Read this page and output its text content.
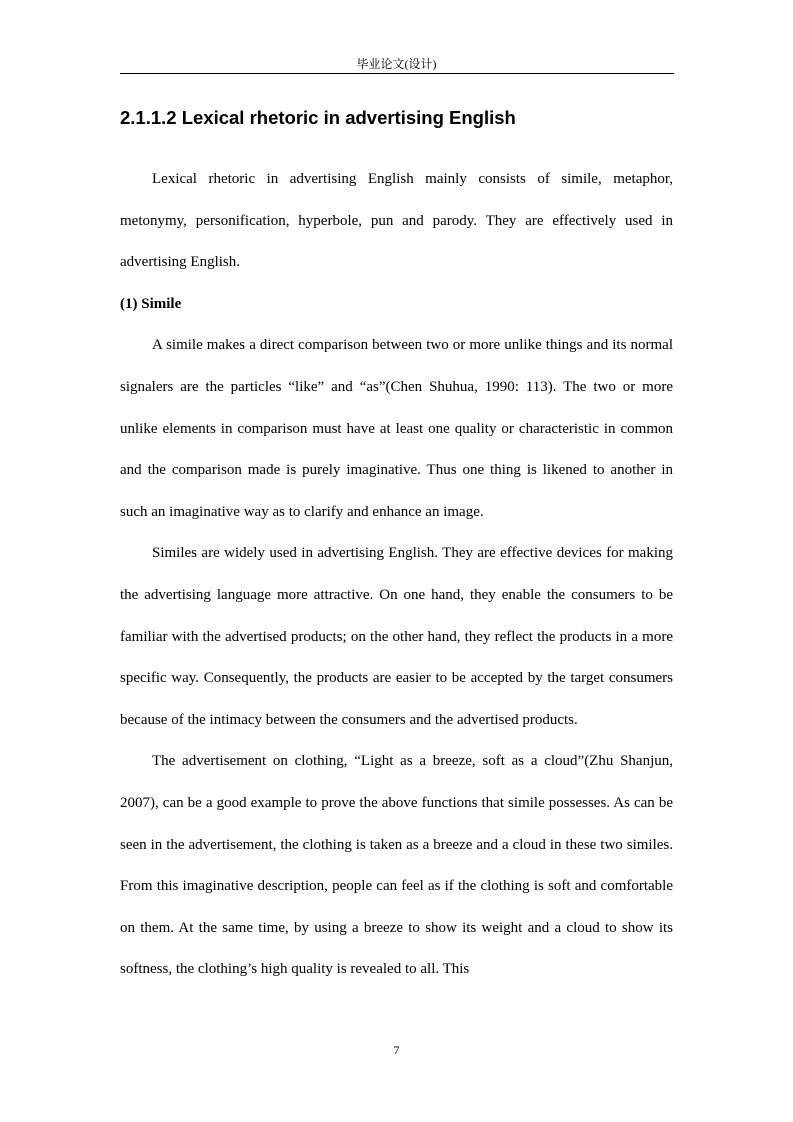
毕业论文(设计)
2.1.1.2 Lexical rhetoric in advertising English

Lexical rhetoric in advertising English mainly consists of simile, metaphor, metonymy, personification, hyperbole, pun and parody. They are effectively used in advertising English.

(1) Simile

A simile makes a direct comparison between two or more unlike things and its normal signalers are the particles “like” and “as”(Chen Shuhua, 1990: 113). The two or more unlike elements in comparison must have at least one quality or characteristic in common and the comparison made is purely imaginative. Thus one thing is likened to another in such an imaginative way as to clarify and enhance an image.

Similes are widely used in advertising English. They are effective devices for making the advertising language more attractive. On one hand, they enable the consumers to be familiar with the advertised products; on the other hand, they reflect the products in a more specific way. Consequently, the products are easier to be accepted by the target consumers because of the intimacy between the consumers and the advertised products.

The advertisement on clothing, “Light as a breeze, soft as a cloud”(Zhu Shanjun, 2007), can be a good example to prove the above functions that simile possesses. As can be seen in the advertisement, the clothing is taken as a breeze and a cloud in these two similes. From this imaginative description, people can feel as if the clothing is soft and comfortable on them. At the same time, by using a breeze to show its weight and a cloud to show its softness, the clothing’s high quality is revealed to all. This

7
